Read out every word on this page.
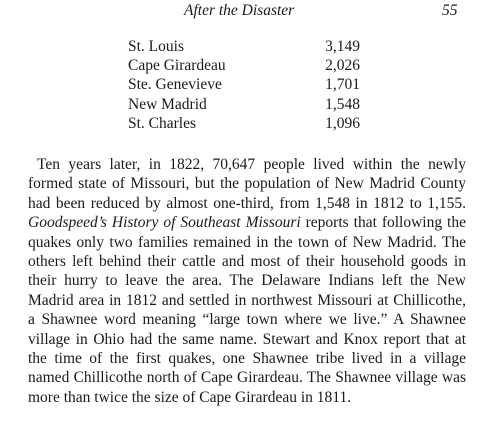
After the Disaster	55
St. Louis	3,149
Cape Girardeau	2,026
Ste. Genevieve	1,701
New Madrid	1,548
St. Charles	1,096

Ten years later, in 1822, 70,647 people lived within the newly formed state of Missouri, but the population of New Madrid County had been reduced by almost one-third, from 1,548 in 1812 to 1,155. Goodspeed’s History of Southeast Missouri reports that following the quakes only two families remained in the town of New Madrid. The others left behind their cattle and most of their household goods in their hurry to leave the area. The Delaware Indians left the New Madrid area in 1812 and settled in northwest Missouri at Chillicothe, a Shawnee word meaning “large town where we live.” A Shawnee village in Ohio had the same name. Stewart and Knox report that at the time of the first quakes, one Shawnee tribe lived in a village named Chillicothe north of Cape Girardeau. The Shawnee village was more than twice the size of Cape Girardeau in 1811.
